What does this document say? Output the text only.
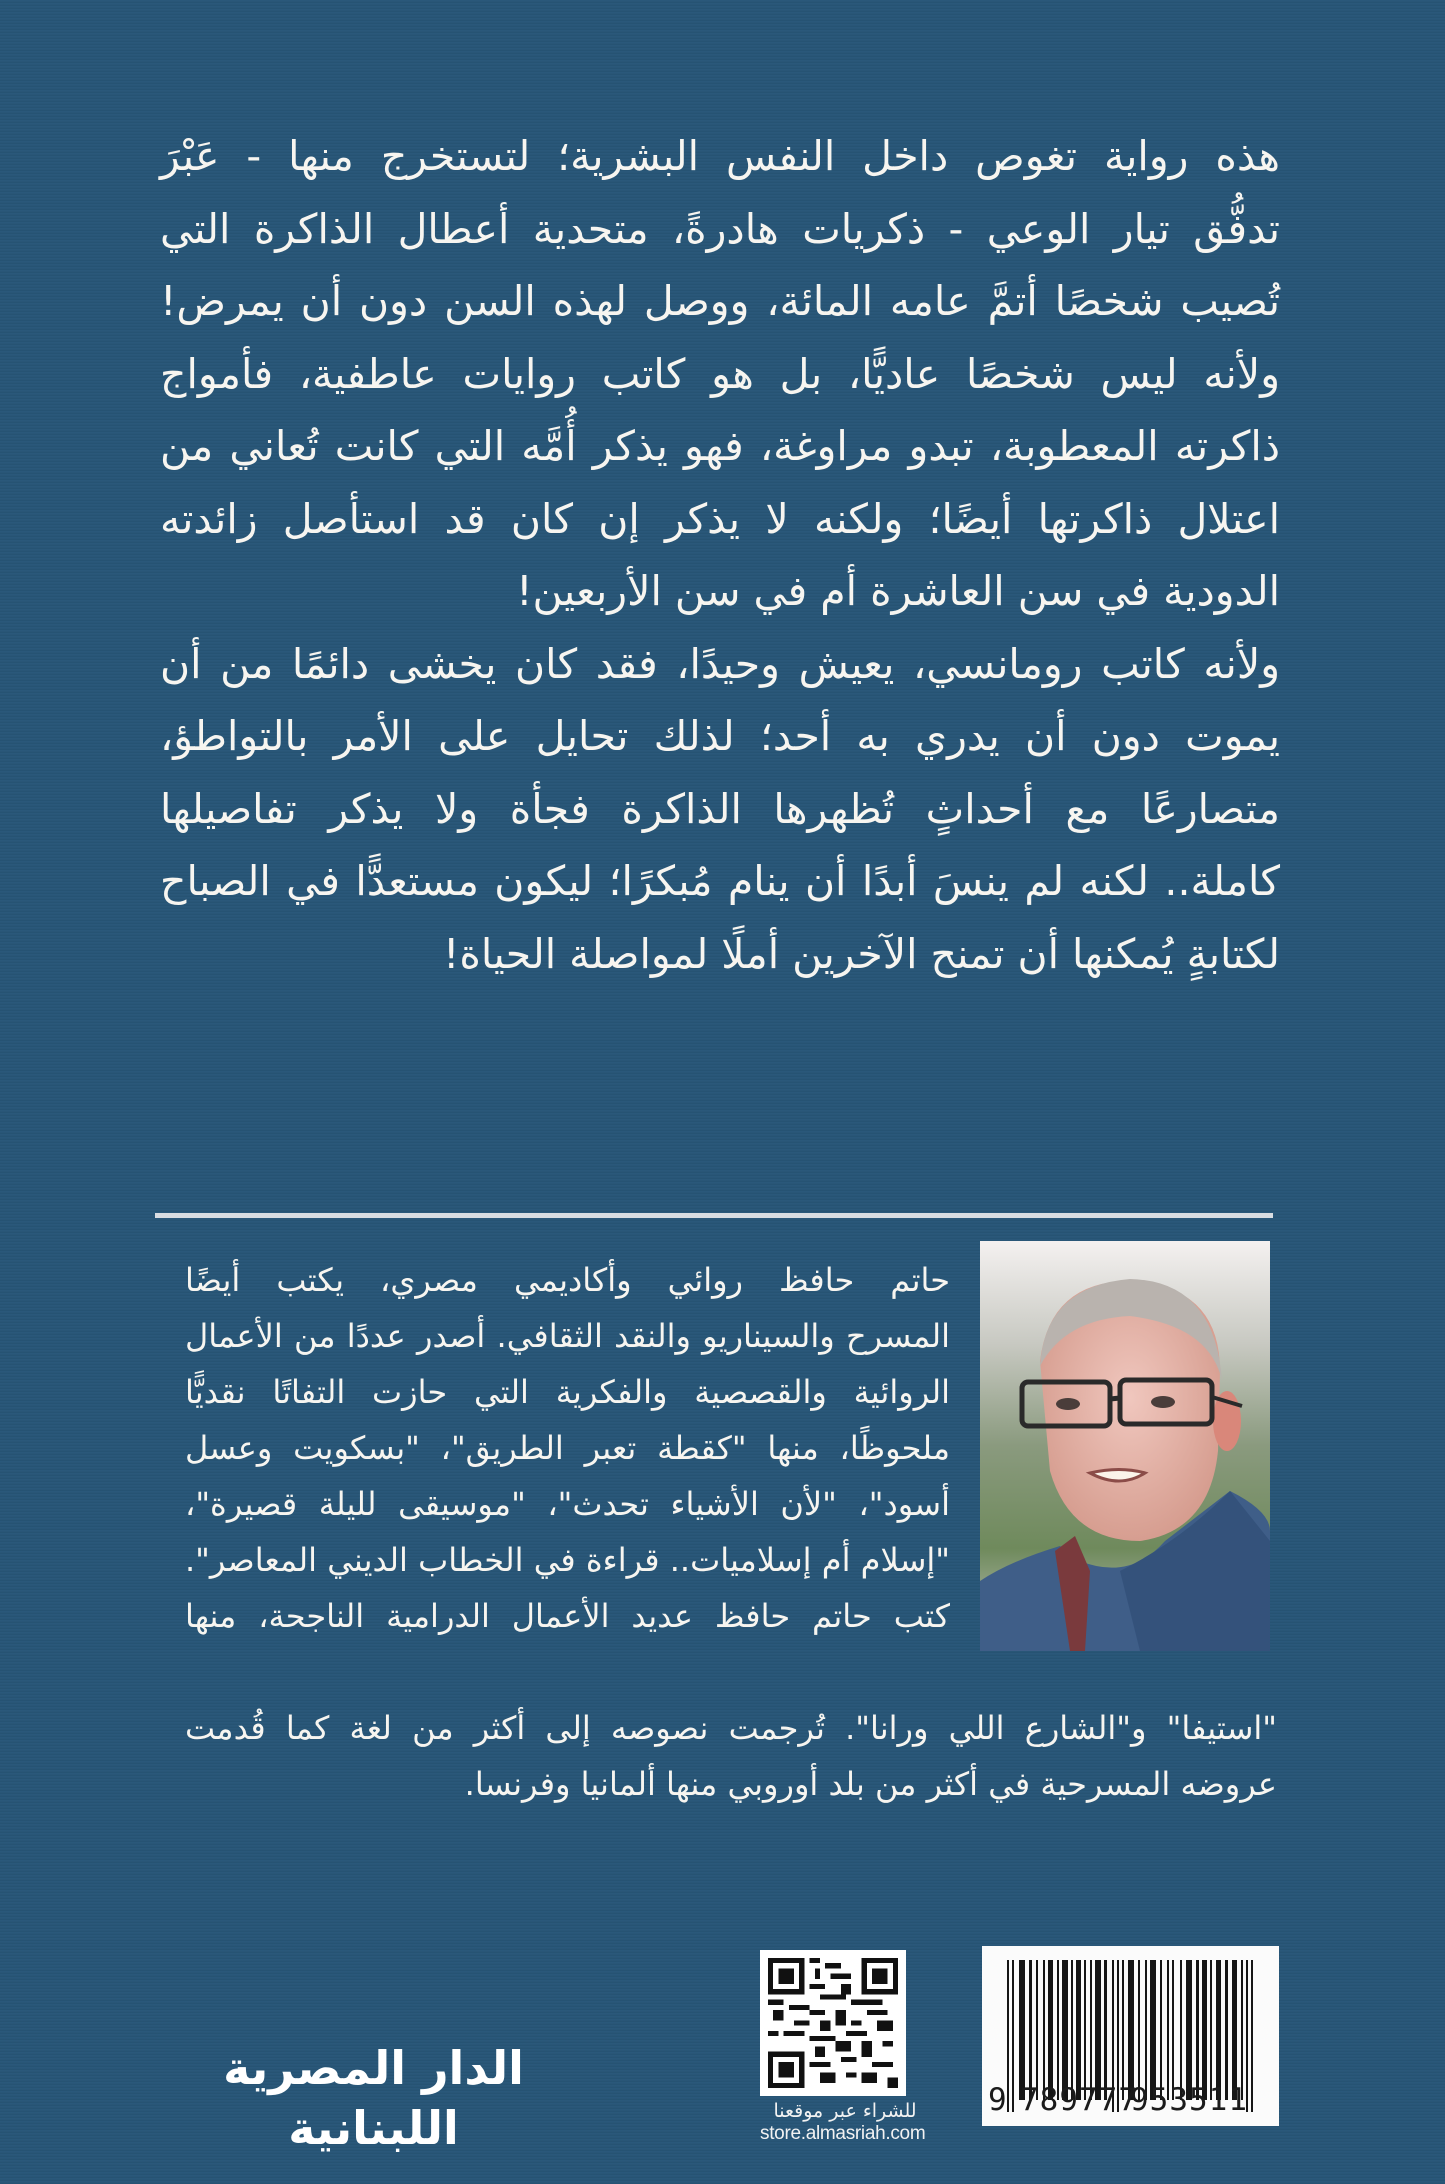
هذه رواية تغوص داخل النفس البشرية؛ لتستخرج منها - عَبْرَ
تدفُّق تيار الوعي - ذكريات هادرةً، متحدية أعطال الذاكرة التي
تُصيب شخصًا أتمَّ عامه المائة، ووصل لهذه السن دون أن يمرض!
ولأنه ليس شخصًا عاديًّا، بل هو كاتب روايات عاطفية، فأمواج
ذاكرته المعطوبة، تبدو مراوغة، فهو يذكر أُمَّه التي كانت تُعاني من
اعتلال ذاكرتها أيضًا؛ ولكنه لا يذكر إن كان قد استأصل زائدته
الدودية في سن العاشرة أم في سن الأربعين!
ولأنه كاتب رومانسي، يعيش وحيدًا، فقد كان يخشى دائمًا من أن
يموت دون أن يدري به أحد؛ لذلك تحايل على الأمر بالتواطؤ،
متصارعًا مع أحداثٍ تُظهرها الذاكرة فجأة ولا يذكر تفاصيلها
كاملة.. لكنه لم ينسَ أبدًا أن ينام مُبكرًا؛ ليكون مستعدًّا في الصباح
لكتابةٍ يُمكنها أن تمنح الآخرين أملًا لمواصلة الحياة!
حاتم حافظ روائي وأكاديمي مصري، يكتب أيضًا
المسرح والسيناريو والنقد الثقافي. أصدر عددًا من الأعمال
الروائية والقصصية والفكرية التي حازت التفاتًا نقديًّا
ملحوظًا، منها "كقطة تعبر الطريق"، "بسكويت وعسل
أسود"، "لأن الأشياء تحدث"، "موسيقى لليلة قصيرة"،
"إسلام أم إسلاميات.. قراءة في الخطاب الديني المعاصر".
كتب حاتم حافظ عديد الأعمال الدرامية الناجحة، منها
"استيفا" و"الشارع اللي ورانا". تُرجمت نصوصه إلى أكثر من لغة كما قُدمت
عروضه المسرحية في أكثر من بلد أوروبي منها ألمانيا وفرنسا.
الدار المصرية اللبنانية	للشراء عبر موقعنا
store.almasriah.com
9 789777
953511
